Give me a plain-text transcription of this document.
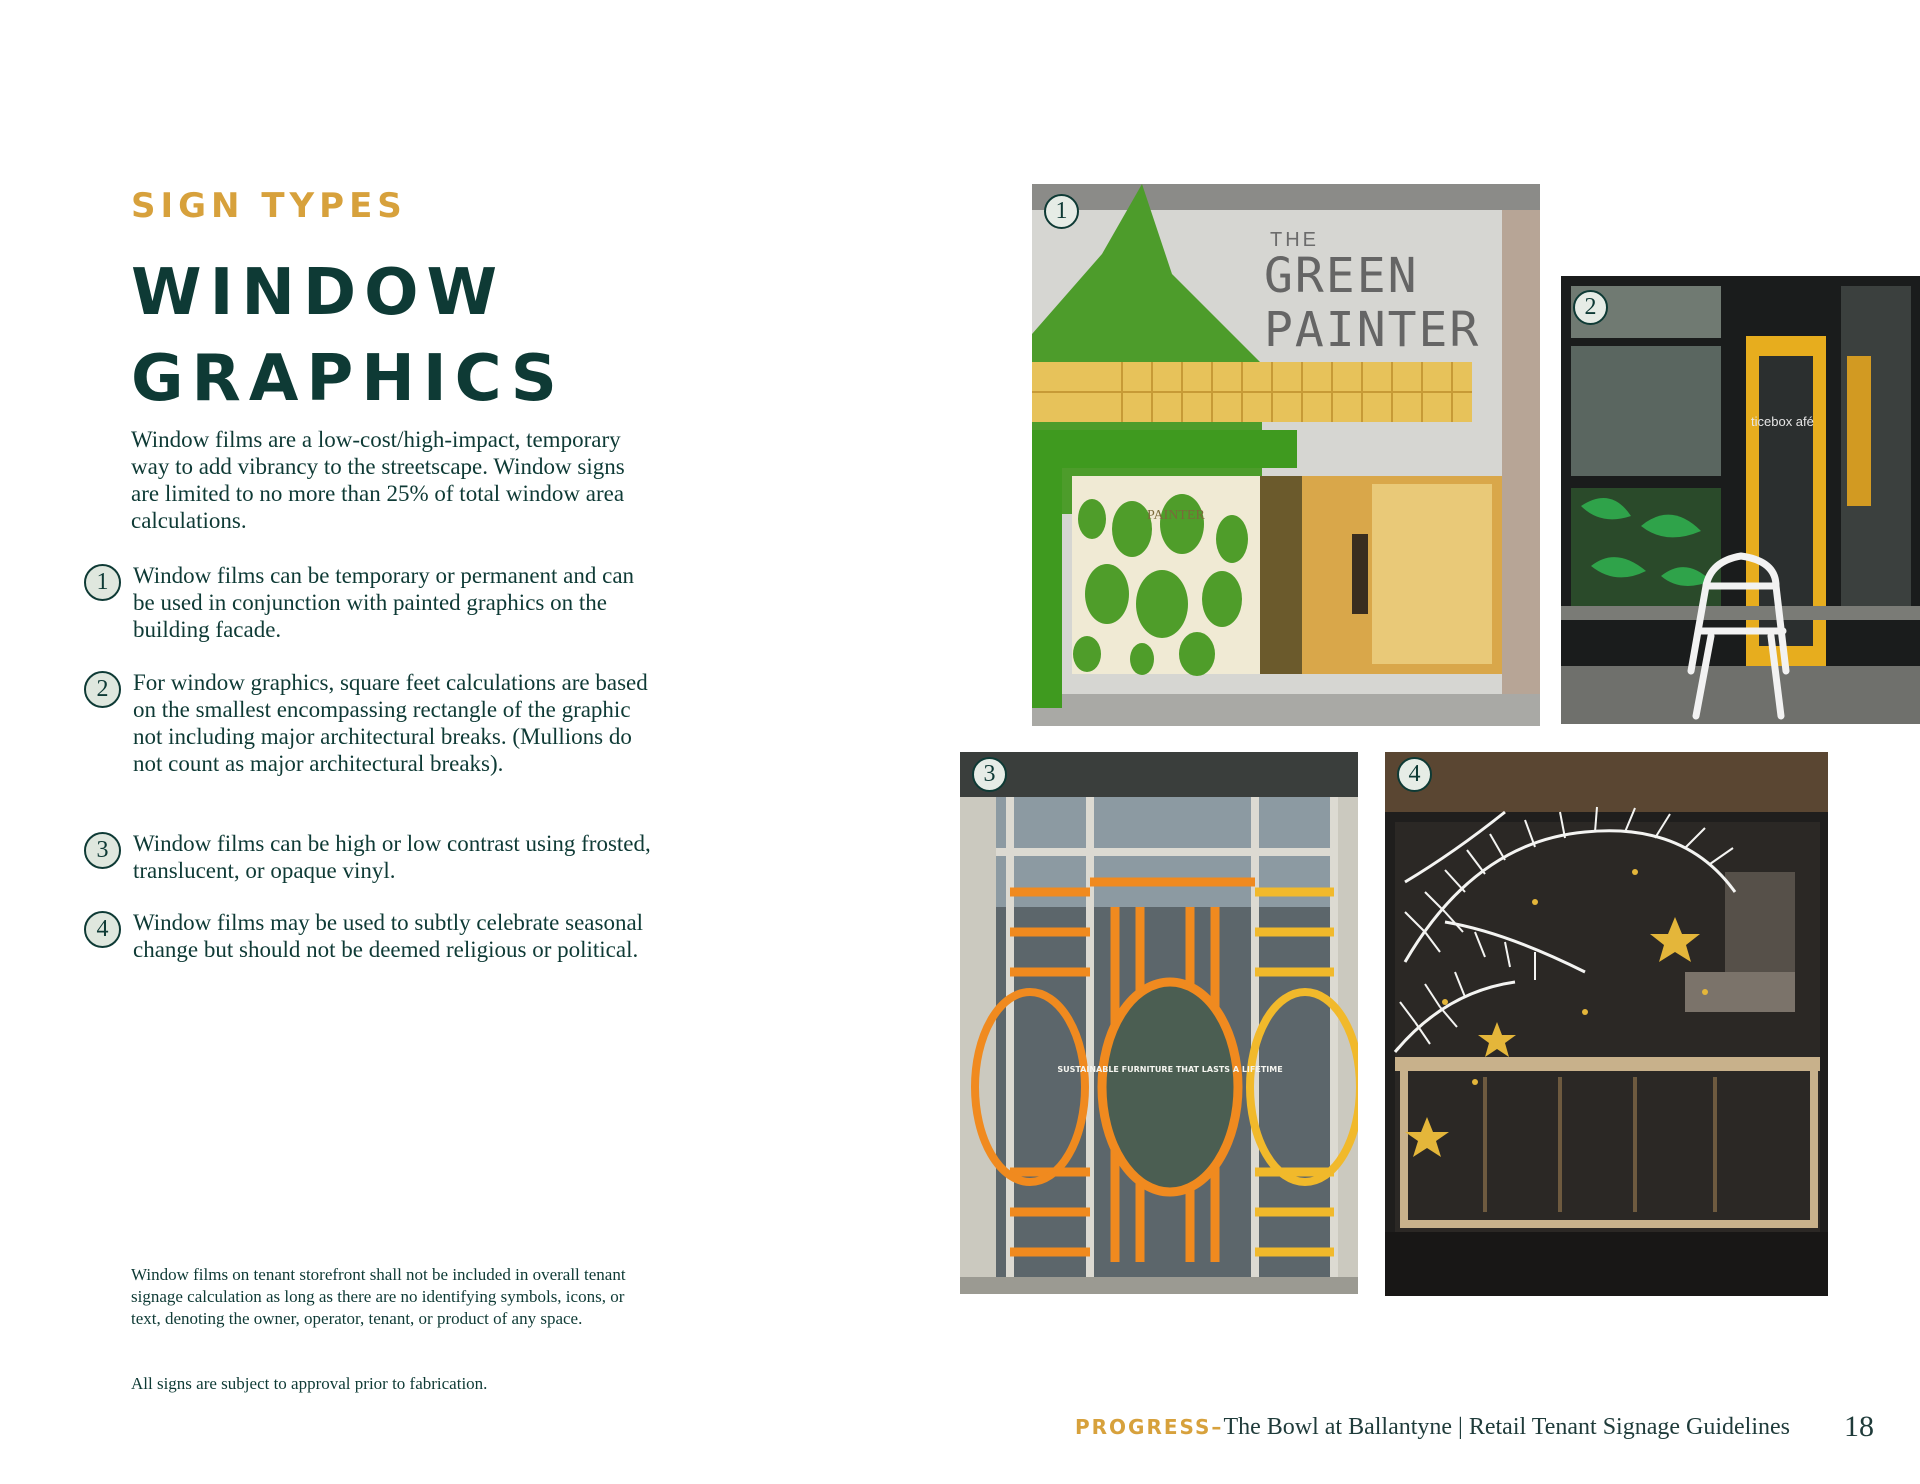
SIGN TYPES
WINDOW
GRAPHICS

Window films are a low-cost/high-impact, temporary way to add vibrancy to the streetscape. Window signs are limited to no more than 25% of total window area calculations.

1	Window films can be temporary or permanent and can be used in conjunction with painted graphics on the building facade.

2	For window graphics, square feet calculations are based on the smallest encompassing rectangle of the graphic not including major architectural breaks. (Mullions do not count as major architectural breaks).

3	Window films can be high or low contrast using frosted, translucent, or opaque vinyl.

4	Window films may be used to subtly celebrate seasonal change but should not be deemed religious or political.

Window films on tenant storefront shall not be included in overall tenant signage calculation as long as there are no identifying symbols, icons, or text, denoting the owner, operator, tenant, or product of any space.

All signs are subject to approval prior to fabrication.

PAINTER
THE
GREEN
PAINTER
1
ticebox afé
2
SUSTAINABLE FURNITURE THAT LASTS A LIFETIME
3	4
PROGRESS–The Bowl at Ballantyne | Retail Tenant Signage Guidelines 18
